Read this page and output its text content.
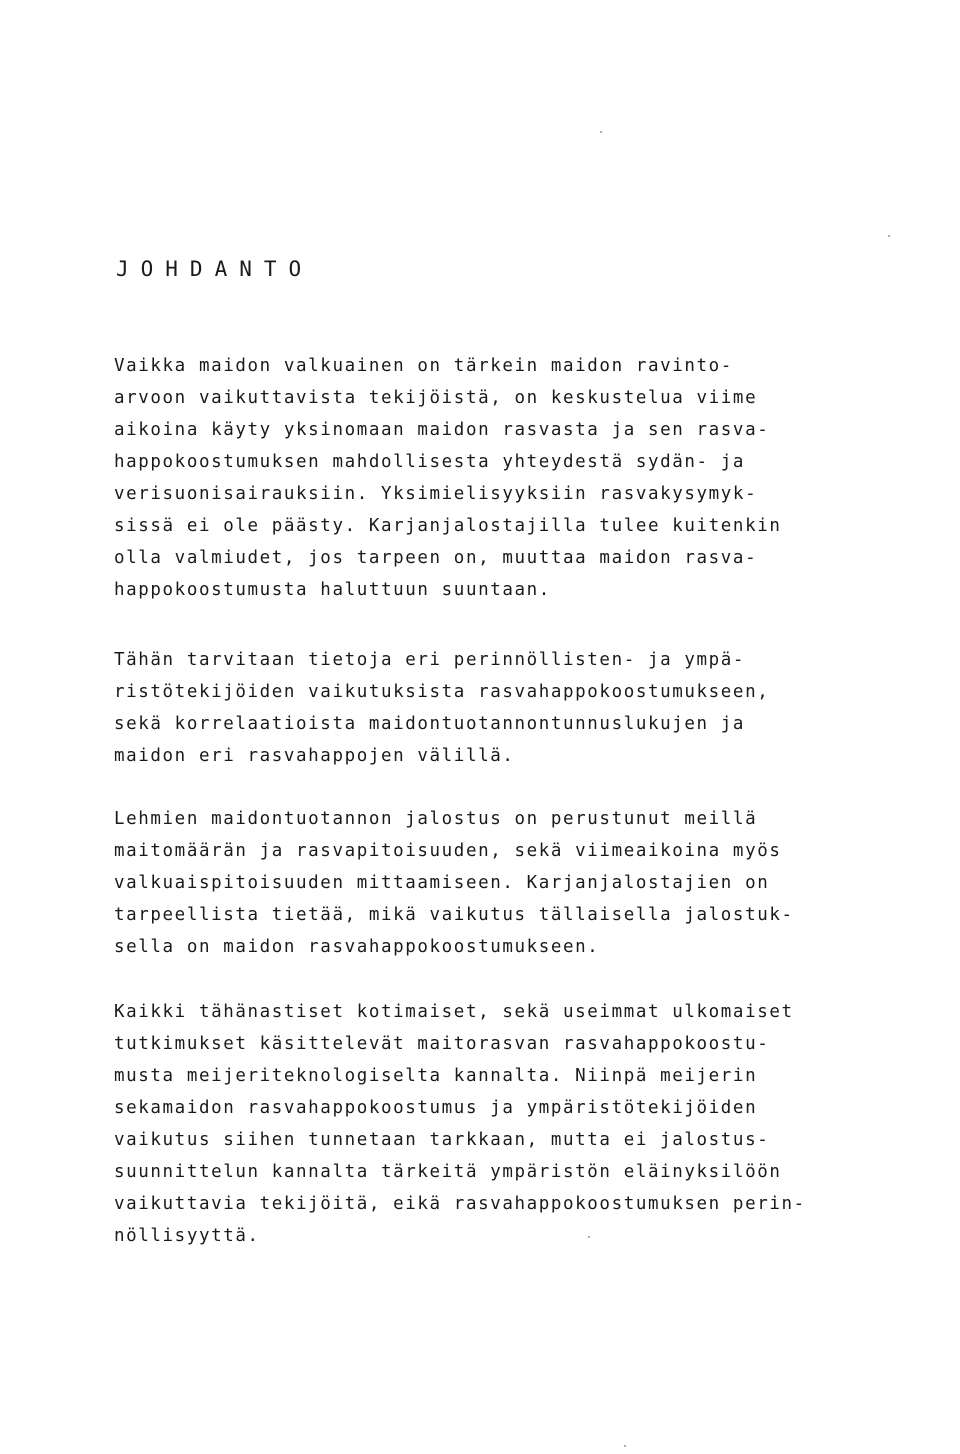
JOHDANTO
Vaikka maidon valkuainen on tärkein maidon ravinto-
arvoon vaikuttavista tekijöistä, on keskustelua viime
aikoina käyty yksinomaan maidon rasvasta ja sen rasva-
happokoostumuksen mahdollisesta yhteydestä sydän- ja
verisuonisairauksiin. Yksimielisyyksiin rasvakysymyk-
sissä ei ole päästy. Karjanjalostajilla tulee kuitenkin
olla valmiudet, jos tarpeen on, muuttaa maidon rasva-
happokoostumusta haluttuun suuntaan.
Tähän tarvitaan tietoja eri perinnöllisten- ja ympä-
ristötekijöiden vaikutuksista rasvahappokoostumukseen,
sekä korrelaatioista maidontuotannontunnuslukujen ja
maidon eri rasvahappojen välillä.
Lehmien maidontuotannon jalostus on perustunut meillä
maitomäärän ja rasvapitoisuuden, sekä viimeaikoina myös
valkuaispitoisuuden mittaamiseen. Karjanjalostajien on
tarpeellista tietää, mikä vaikutus tällaisella jalostuk-
sella on maidon rasvahappokoostumukseen.
Kaikki tähänastiset kotimaiset, sekä useimmat ulkomaiset
tutkimukset käsittelevät maitorasvan rasvahappokoostu-
musta meijeriteknologiselta kannalta. Niinpä meijerin
sekamaidon rasvahappokoostumus ja ympäristötekijöiden
vaikutus siihen tunnetaan tarkkaan, mutta ei jalostus-
suunnittelun kannalta tärkeitä ympäristön eläinyksilöön
vaikuttavia tekijöitä, eikä rasvahappokoostumuksen perin-
nöllisyyttä.
